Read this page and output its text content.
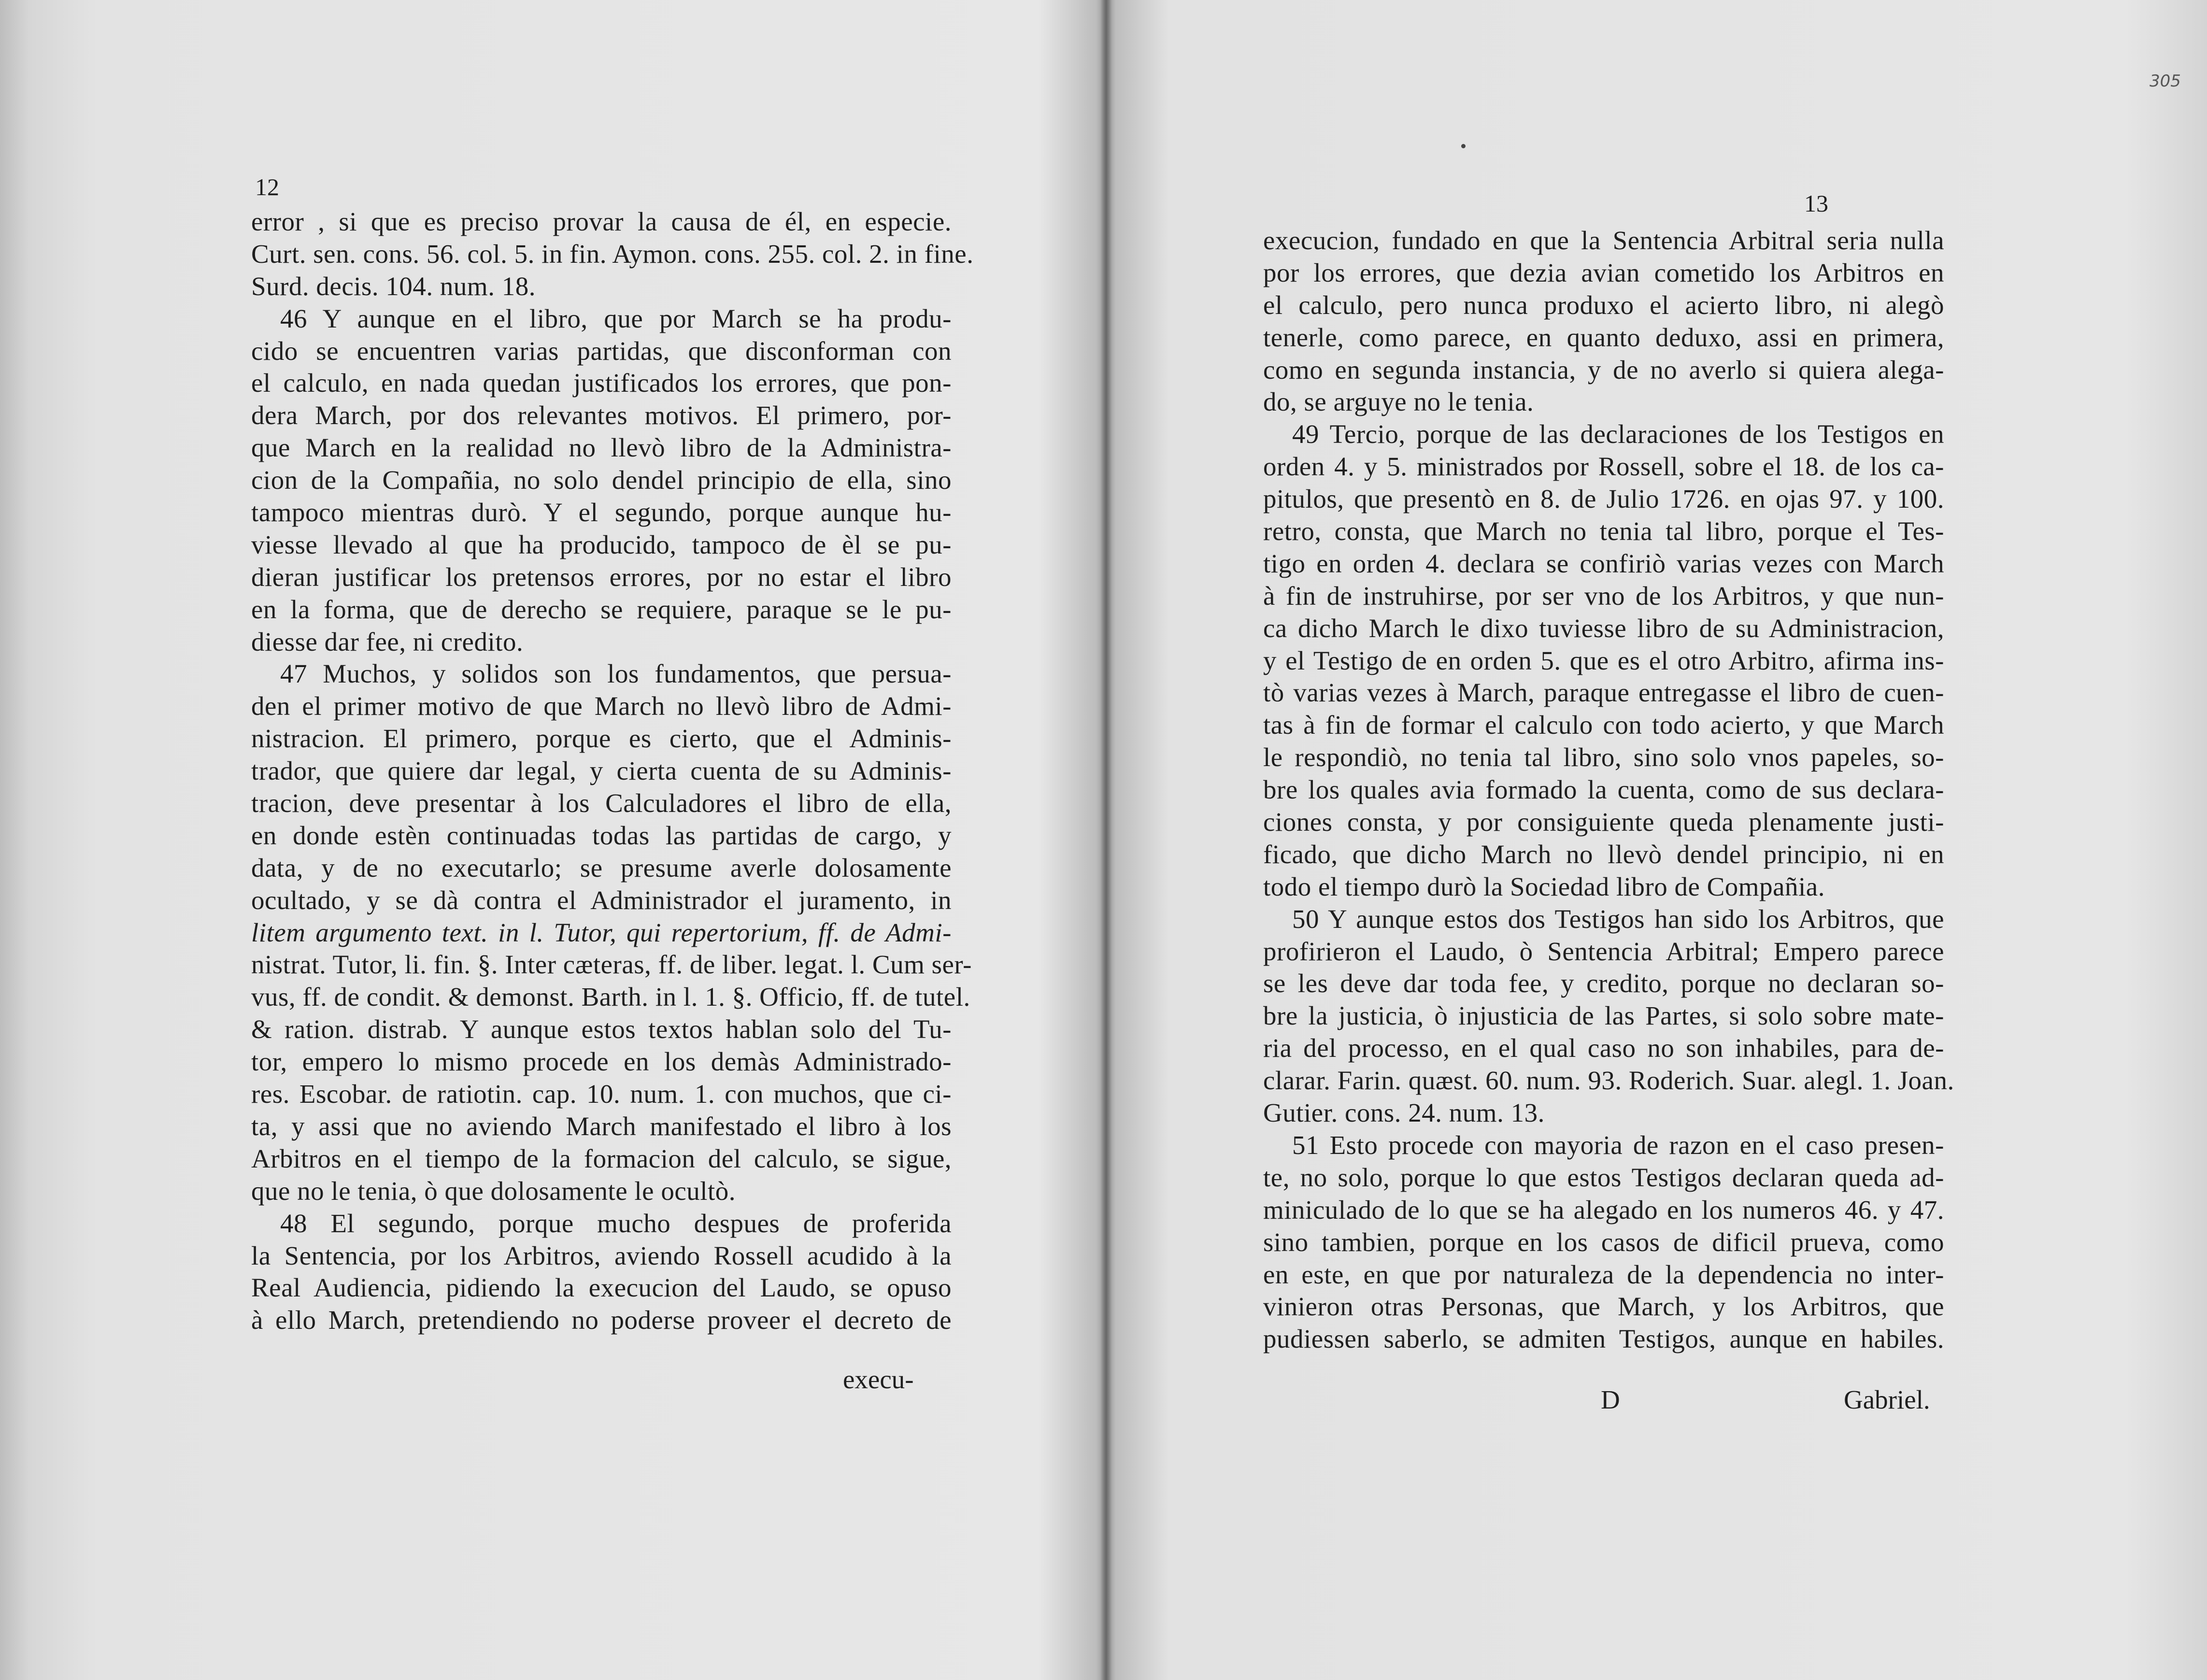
12
error , si que es preciso provar la causa de él, en especie.
Curt. sen. cons. 56. col. 5. in fin. Aymon. cons. 255. col. 2. in fine.
Surd. decis. 104. num. 18.
46 Y aunque en el libro, que por March se ha produ-
cido se encuentren varias partidas, que disconforman con
el calculo, en nada quedan justificados los errores, que pon-
dera March, por dos relevantes motivos. El primero, por-
que March en la realidad no llevò libro de la Administra-
cion de la Compañia, no solo dendel principio de ella, sino
tampoco mientras durò. Y el segundo, porque aunque hu-
viesse llevado al que ha producido, tampoco de èl se pu-
dieran justificar los pretensos errores, por no estar el libro
en la forma, que de derecho se requiere, paraque se le pu-
diesse dar fee, ni credito.
47 Muchos, y solidos son los fundamentos, que persua-
den el primer motivo de que March no llevò libro de Admi-
nistracion. El primero, porque es cierto, que el Adminis-
trador, que quiere dar legal, y cierta cuenta de su Adminis-
tracion, deve presentar à los Calculadores el libro de ella,
en donde estèn continuadas todas las partidas de cargo, y
data, y de no executarlo; se presume averle dolosamente
ocultado, y se dà contra el Administrador el juramento, in
litem argumento text. in l. Tutor, qui repertorium, ff. de Admi-
nistrat. Tutor, li. fin. §. Inter cæteras, ff. de liber. legat. l. Cum ser-
vus, ff. de condit. & demonst. Barth. in l. 1. §. Officio, ff. de tutel.
& ration. distrab. Y aunque estos textos hablan solo del Tu-
tor, empero lo mismo procede en los demàs Administrado-
res. Escobar. de ratiotin. cap. 10. num. 1. con muchos, que ci-
ta, y assi que no aviendo March manifestado el libro à los
Arbitros en el tiempo de la formacion del calculo, se sigue,
que no le tenia, ò que dolosamente le ocultò.
48 El segundo, porque mucho despues de proferida
la Sentencia, por los Arbitros, aviendo Rossell acudido à la
Real Audiencia, pidiendo la execucion del Laudo, se opuso
à ello March, pretendiendo no poderse proveer el decreto de
execu-
305
13
execucion, fundado en que la Sentencia Arbitral seria nulla
por los errores, que dezia avian cometido los Arbitros en
el calculo, pero nunca produxo el acierto libro, ni alegò
tenerle, como parece, en quanto deduxo, assi en primera,
como en segunda instancia, y de no averlo si quiera alega-
do, se arguye no le tenia.
49 Tercio, porque de las declaraciones de los Testigos en
orden 4. y 5. ministrados por Rossell, sobre el 18. de los ca-
pitulos, que presentò en 8. de Julio 1726. en ojas 97. y 100.
retro, consta, que March no tenia tal libro, porque el Tes-
tigo en orden 4. declara se confiriò varias vezes con March
à fin de instruhirse, por ser vno de los Arbitros, y que nun-
ca dicho March le dixo tuviesse libro de su Administracion,
y el Testigo de en orden 5. que es el otro Arbitro, afirma ins-
tò varias vezes à March, paraque entregasse el libro de cuen-
tas à fin de formar el calculo con todo acierto, y que March
le respondiò, no tenia tal libro, sino solo vnos papeles, so-
bre los quales avia formado la cuenta, como de sus declara-
ciones consta, y por consiguiente queda plenamente justi-
ficado, que dicho March no llevò dendel principio, ni en
todo el tiempo durò la Sociedad libro de Compañia.
50 Y aunque estos dos Testigos han sido los Arbitros, que
profirieron el Laudo, ò Sentencia Arbitral; Empero parece
se les deve dar toda fee, y credito, porque no declaran so-
bre la justicia, ò injusticia de las Partes, si solo sobre mate-
ria del processo, en el qual caso no son inhabiles, para de-
clarar. Farin. quæst. 60. num. 93. Roderich. Suar. alegl. 1. Joan.
Gutier. cons. 24. num. 13.
51 Esto procede con mayoria de razon en el caso presen-
te, no solo, porque lo que estos Testigos declaran queda ad-
miniculado de lo que se ha alegado en los numeros 46. y 47.
sino tambien, porque en los casos de dificil prueva, como
en este, en que por naturaleza de la dependencia no inter-
vinieron otras Personas, que March, y los Arbitros, que
pudiessen saberlo, se admiten Testigos, aunque en habiles.
D	Gabriel.
